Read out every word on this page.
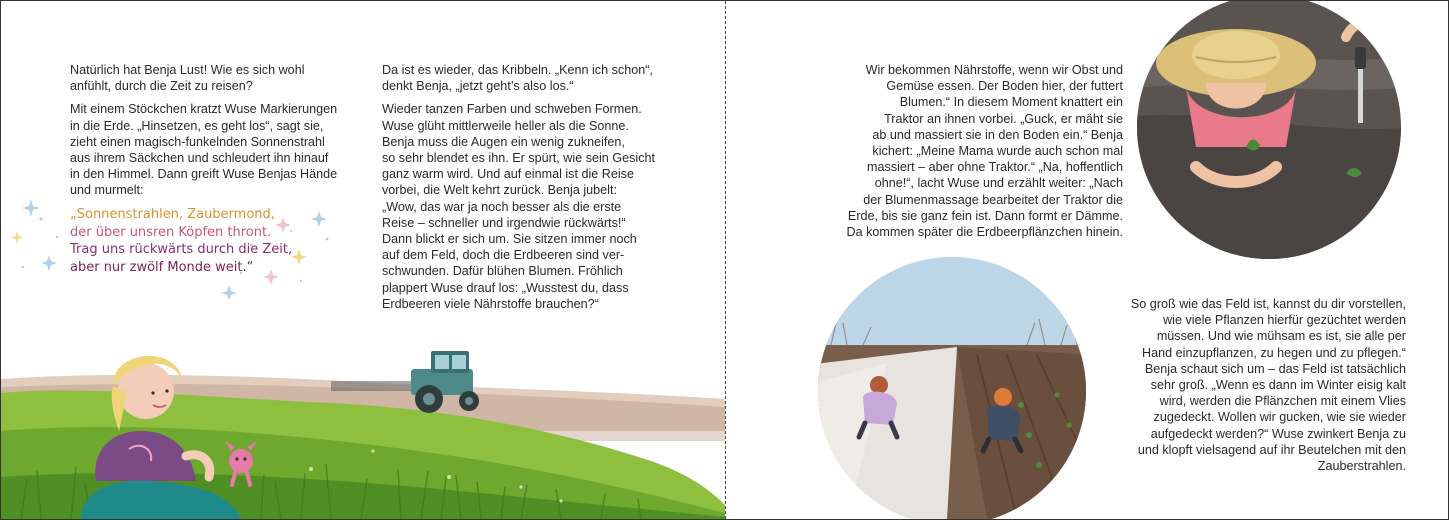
Natürlich hat Benja Lust! Wie es sich wohl
anfühlt, durch die Zeit zu reisen?

Mit einem Stöckchen kratzt Wuse Markierungen
in die Erde. „Hinsetzen, es geht los“, sagt sie,
zieht einen magisch-funkelnden Sonnenstrahl
aus ihrem Säckchen und schleudert ihn hinauf
in den Himmel. Dann greift Wuse Benjas Hände
und murmelt:

„Sonnenstrahlen, Zaubermond,
der über unsren Köpfen thront.
Trag uns rückwärts durch die Zeit,
aber nur zwölf Monde weit.“

Da ist es wieder, das Kribbeln. „Kenn ich schon“,
denkt Benja, „jetzt geht’s also los.“

Wieder tanzen Farben und schweben Formen.
Wuse glüht mittlerweile heller als die Sonne.
Benja muss die Augen ein wenig zukneifen,
so sehr blendet es ihn. Er spürt, wie sein Gesicht
ganz warm wird. Und auf einmal ist die Reise
vorbei, die Welt kehrt zurück. Benja jubelt:
„Wow, das war ja noch besser als die erste
Reise – schneller und irgendwie rückwärts!“
Dann blickt er sich um. Sie sitzen immer noch
auf dem Feld, doch die Erdbeeren sind ver-
schwunden. Dafür blühen Blumen. Fröhlich
plappert Wuse drauf los: „Wusstest du, dass
Erdbeeren viele Nährstoffe brauchen?“

Wir bekommen Nährstoffe, wenn wir Obst und
Gemüse essen. Der Boden hier, der futtert
Blumen.“ In diesem Moment knattert ein
Traktor an ihnen vorbei. „Guck, er mäht sie
ab und massiert sie in den Boden ein.“ Benja
kichert: „Meine Mama wurde auch schon mal
massiert – aber ohne Traktor.“ „Na, hoffentlich
ohne!“, lacht Wuse und erzählt weiter: „Nach
der Blumenmassage bearbeitet der Traktor die
Erde, bis sie ganz fein ist. Dann formt er Dämme.
Da kommen später die Erdbeerpflänzchen hinein.
So groß wie das Feld ist, kannst du dir vorstellen,
wie viele Pflanzen hierfür gezüchtet werden
müssen. Und wie mühsam es ist, sie alle per
Hand einzupflanzen, zu hegen und zu pflegen.“
Benja schaut sich um – das Feld ist tatsächlich
sehr groß. „Wenn es dann im Winter eisig kalt
wird, werden die Pflänzchen mit einem Vlies
zugedeckt. Wollen wir gucken, wie sie wieder
aufgedeckt werden?“ Wuse zwinkert Benja zu
und klopft vielsagend auf ihr Beutelchen mit den
Zauberstrahlen.
